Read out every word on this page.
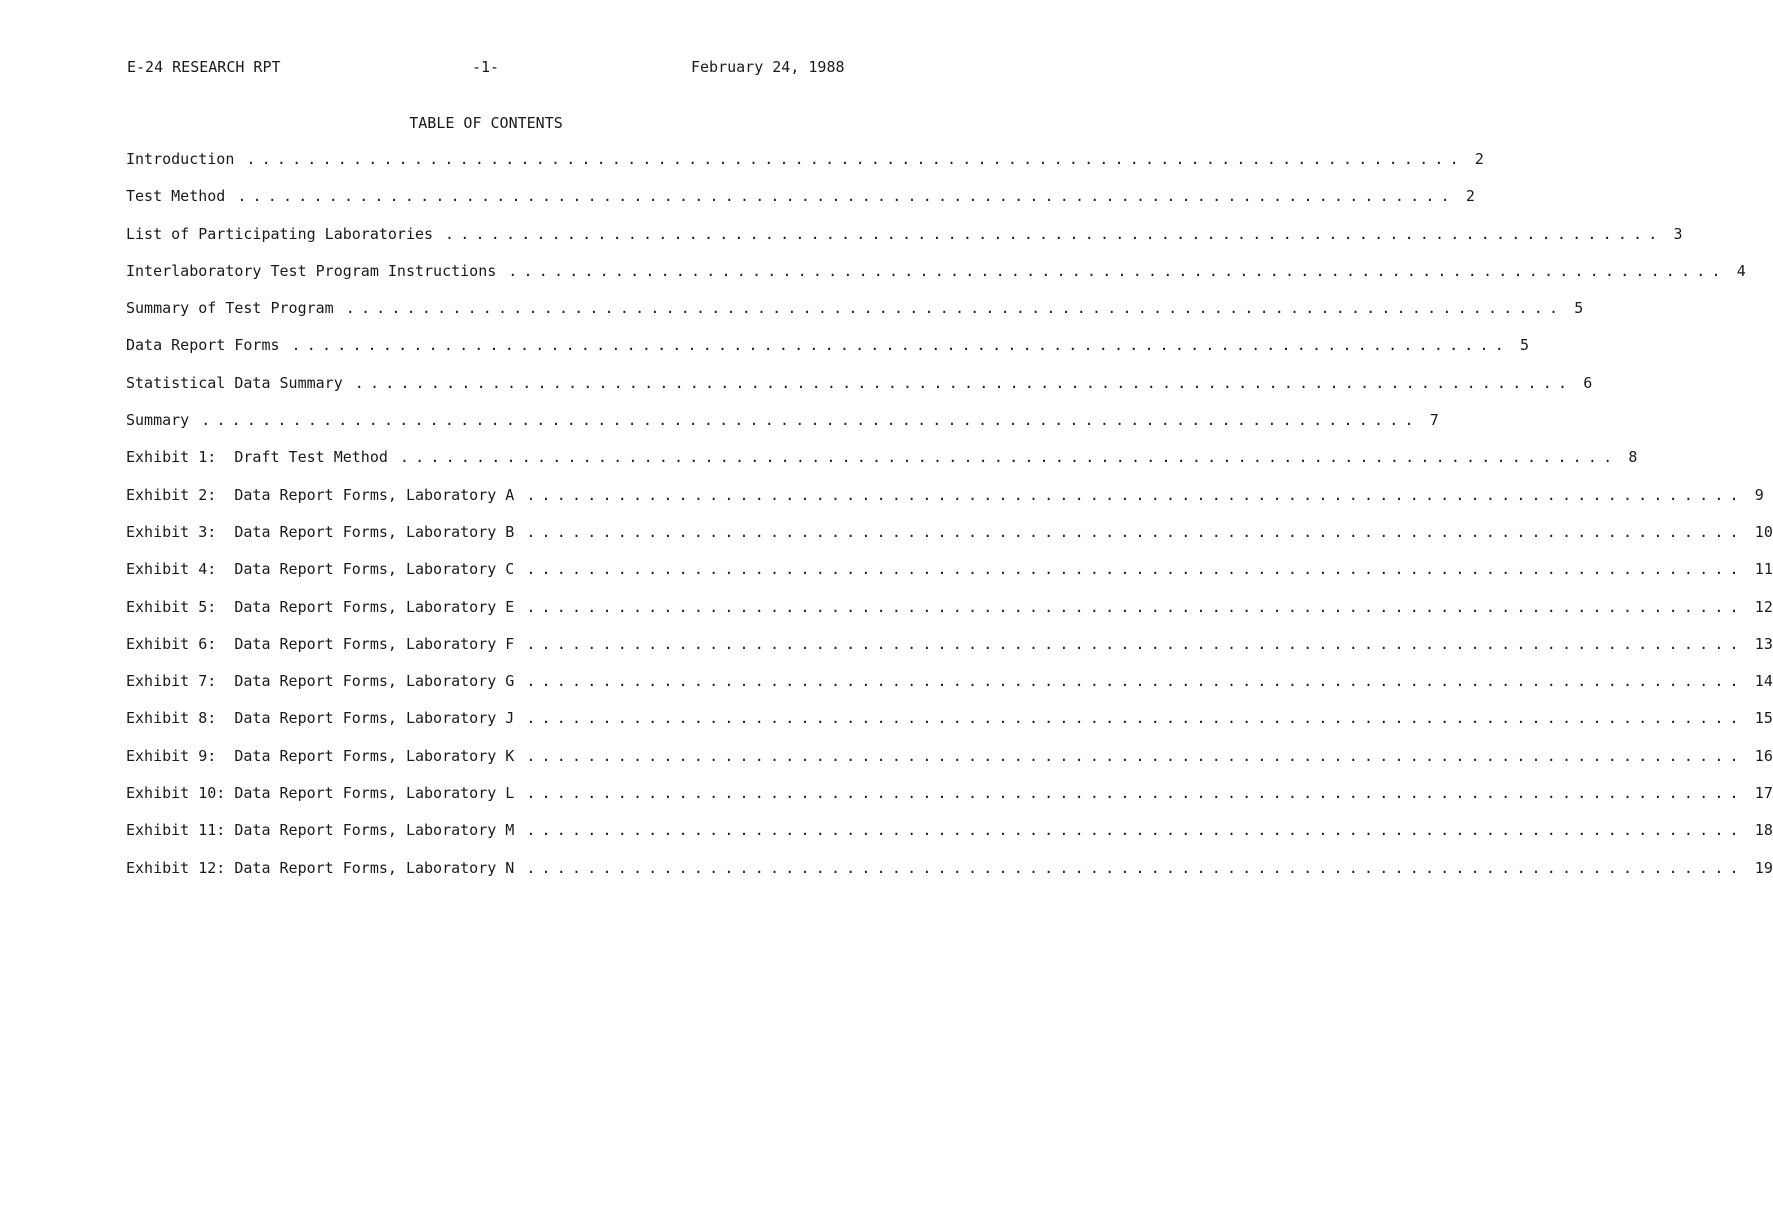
E-24 RESEARCH RPT	-1-	February 24, 1988
TABLE OF CONTENTS
Introduction ................................................................................ 2
Test Method ................................................................................ 2
List of Participating Laboratories ................................................................................ 3
Interlaboratory Test Program Instructions ................................................................................ 4
Summary of Test Program ................................................................................ 5
Data Report Forms ................................................................................ 5
Statistical Data Summary ................................................................................ 6
Summary ................................................................................ 7
Exhibit 1:  Draft Test Method ................................................................................ 8
Exhibit 2:  Data Report Forms, Laboratory A ................................................................................ 9
Exhibit 3:  Data Report Forms, Laboratory B ................................................................................ 10
Exhibit 4:  Data Report Forms, Laboratory C ................................................................................ 11
Exhibit 5:  Data Report Forms, Laboratory E ................................................................................ 12
Exhibit 6:  Data Report Forms, Laboratory F ................................................................................ 13
Exhibit 7:  Data Report Forms, Laboratory G ................................................................................ 14
Exhibit 8:  Data Report Forms, Laboratory J ................................................................................ 15
Exhibit 9:  Data Report Forms, Laboratory K ................................................................................ 16
Exhibit 10: Data Report Forms, Laboratory L ................................................................................ 17
Exhibit 11: Data Report Forms, Laboratory M ................................................................................ 18
Exhibit 12: Data Report Forms, Laboratory N ................................................................................ 19
